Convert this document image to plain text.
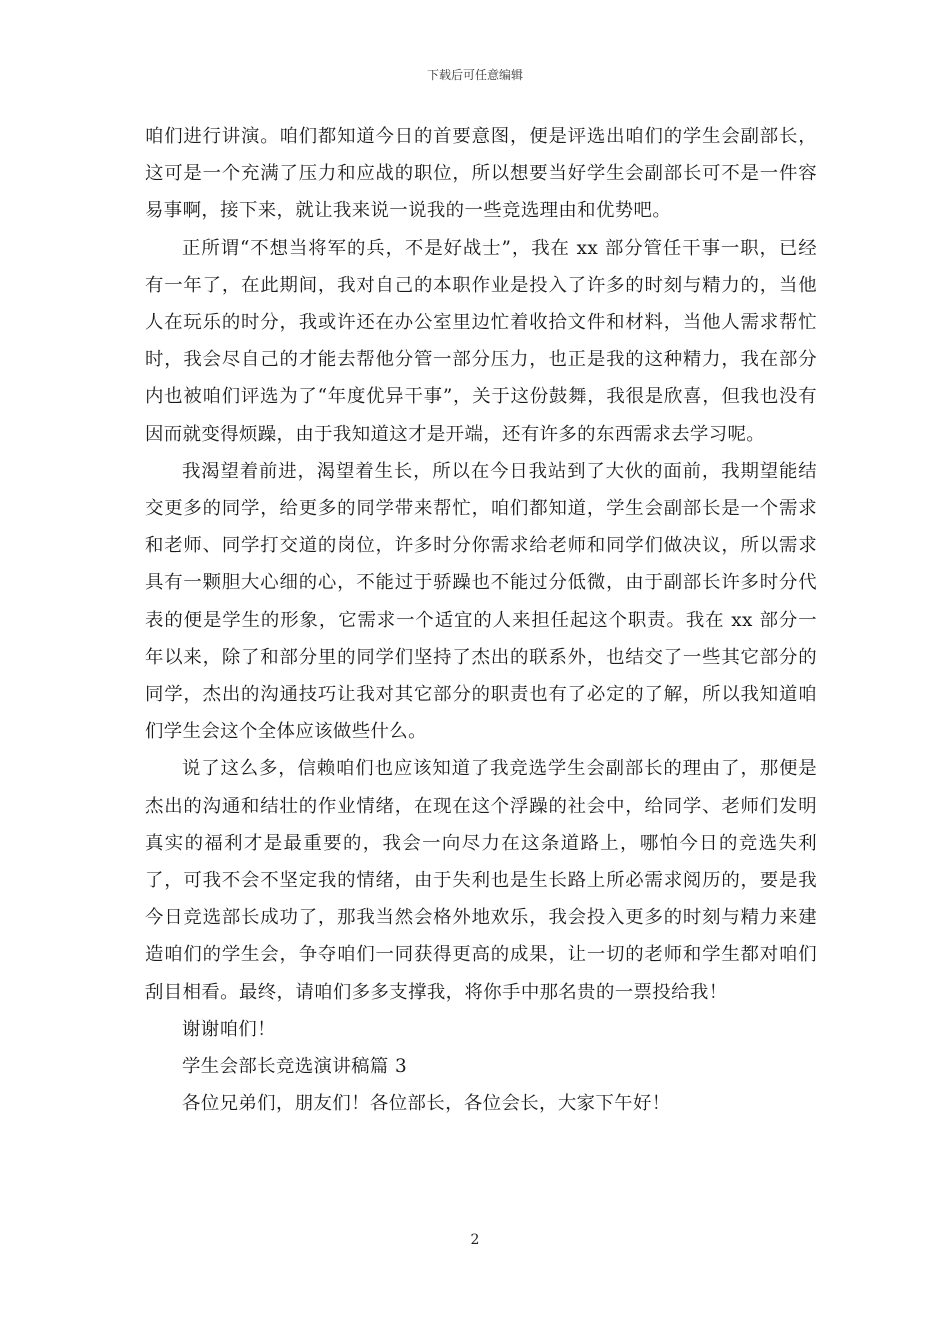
下载后可任意编辑

咱们进行讲演。咱们都知道今日的首要意图，便是评选出咱们的学生会副部长，这可是一个充满了压力和应战的职位，所以想要当好学生会副部长可不是一件容易事啊，接下来，就让我来说一说我的一些竞选理由和优势吧。

正所谓“不想当将军的兵，不是好战士”，我在 xx 部分管任干事一职，已经有一年了，在此期间，我对自己的本职作业是投入了许多的时刻与精力的，当他人在玩乐的时分，我或许还在办公室里边忙着收拾文件和材料，当他人需求帮忙时，我会尽自己的才能去帮他分管一部分压力，也正是我的这种精力，我在部分内也被咱们评选为了“年度优异干事”，关于这份鼓舞，我很是欣喜，但我也没有因而就变得烦躁，由于我知道这才是开端，还有许多的东西需求去学习呢。

我渴望着前进，渴望着生长，所以在今日我站到了大伙的面前，我期望能结交更多的同学，给更多的同学带来帮忙，咱们都知道，学生会副部长是一个需求和老师、同学打交道的岗位，许多时分你需求给老师和同学们做决议，所以需求具有一颗胆大心细的心，不能过于骄躁也不能过分低微，由于副部长许多时分代表的便是学生的形象，它需求一个适宜的人来担任起这个职责。我在 xx 部分一年以来，除了和部分里的同学们坚持了杰出的联系外，也结交了一些其它部分的同学，杰出的沟通技巧让我对其它部分的职责也有了必定的了解，所以我知道咱们学生会这个全体应该做些什么。

说了这么多，信赖咱们也应该知道了我竞选学生会副部长的理由了，那便是杰出的沟通和结壮的作业情绪，在现在这个浮躁的社会中，给同学、老师们发明真实的福利才是最重要的，我会一向尽力在这条道路上，哪怕今日的竞选失利了，可我不会不坚定我的情绪，由于失利也是生长路上所必需求阅历的，要是我今日竞选部长成功了，那我当然会格外地欢乐，我会投入更多的时刻与精力来建造咱们的学生会，争夺咱们一同获得更高的成果，让一切的老师和学生都对咱们刮目相看。最终，请咱们多多支撑我，将你手中那名贵的一票投给我！

谢谢咱们！

学生会部长竞选演讲稿篇 3

各位兄弟们，朋友们！各位部长，各位会长，大家下午好！

2
